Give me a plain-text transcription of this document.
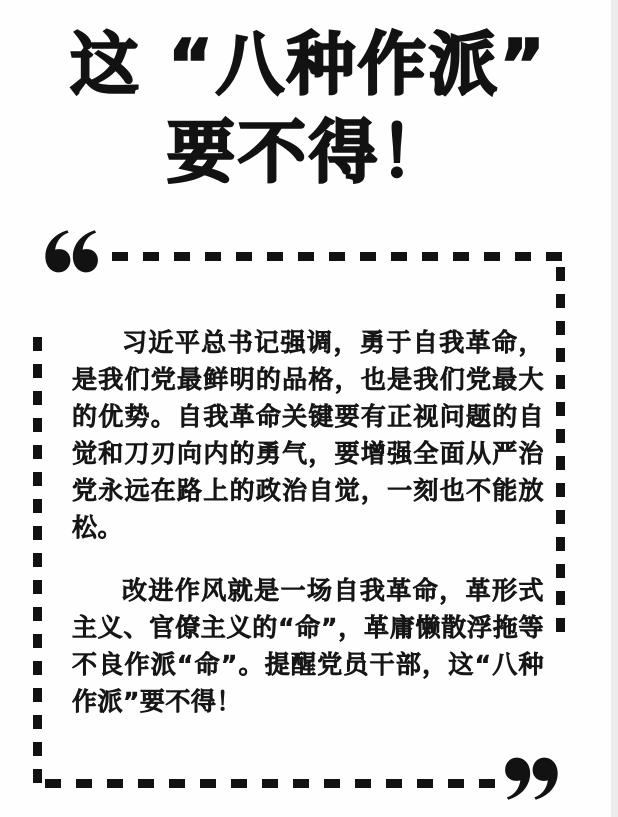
这 “八种作派”
要不得！

习近平总书记强调，勇于自我革命，是我们党最鲜明的品格，也是我们党最大的优势。自我革命关键要有正视问题的自觉和刀刃向内的勇气，要增强全面从严治党永远在路上的政治自觉，一刻也不能放松。

改进作风就是一场自我革命，革形式主义、官僚主义的“命”，革庸懒散浮拖等不良作派“命”。提醒党员干部，这“八种作派”要不得！
